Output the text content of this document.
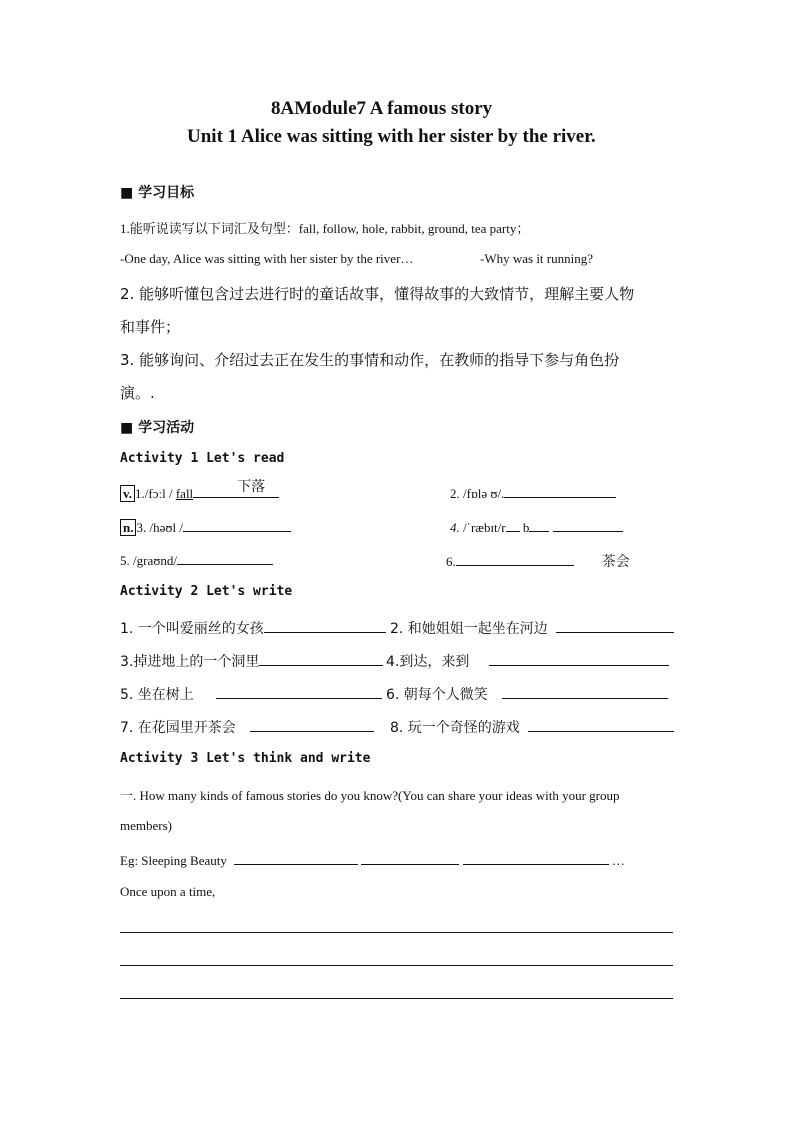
8AModule7 A famous story
Unit 1 Alice was sitting with her sister by the river.
■ 学习目标
1.能听说读写以下词汇及句型：fall, follow, hole, rabbit, ground, tea party；
-One day, Alice was sitting with her sister by the river…	-Why was it running?
2. 能够听懂包含过去进行时的童话故事，懂得故事的大致情节，理解主要人物
和事件；
3. 能够询问、介绍过去正在发生的事情和动作，在教师的指导下参与角色扮
演。.
■ 学习活动
Activity 1 Let's read
v. 1./fɔːl / fall	下落	2. /fɒlə ʊ/.
n. 3. /həʊl /	4. /ˈræbɪt/r b
5. /graʊnd/	6.	茶会
Activity 2 Let's write
1. 一个叫爱丽丝的女孩	2. 和她姐姐一起坐在河边
3.掉进地上的一个洞里	4.到达，来到
5. 坐在树上	6. 朝每个人微笑
7. 在花园里开茶会	8. 玩一个奇怪的游戏
Activity 3 Let's think and write
一. How many kinds of famous stories do you know?(You can share your ideas with your group
members)
Eg: Sleeping Beauty	…
Once upon a time,
